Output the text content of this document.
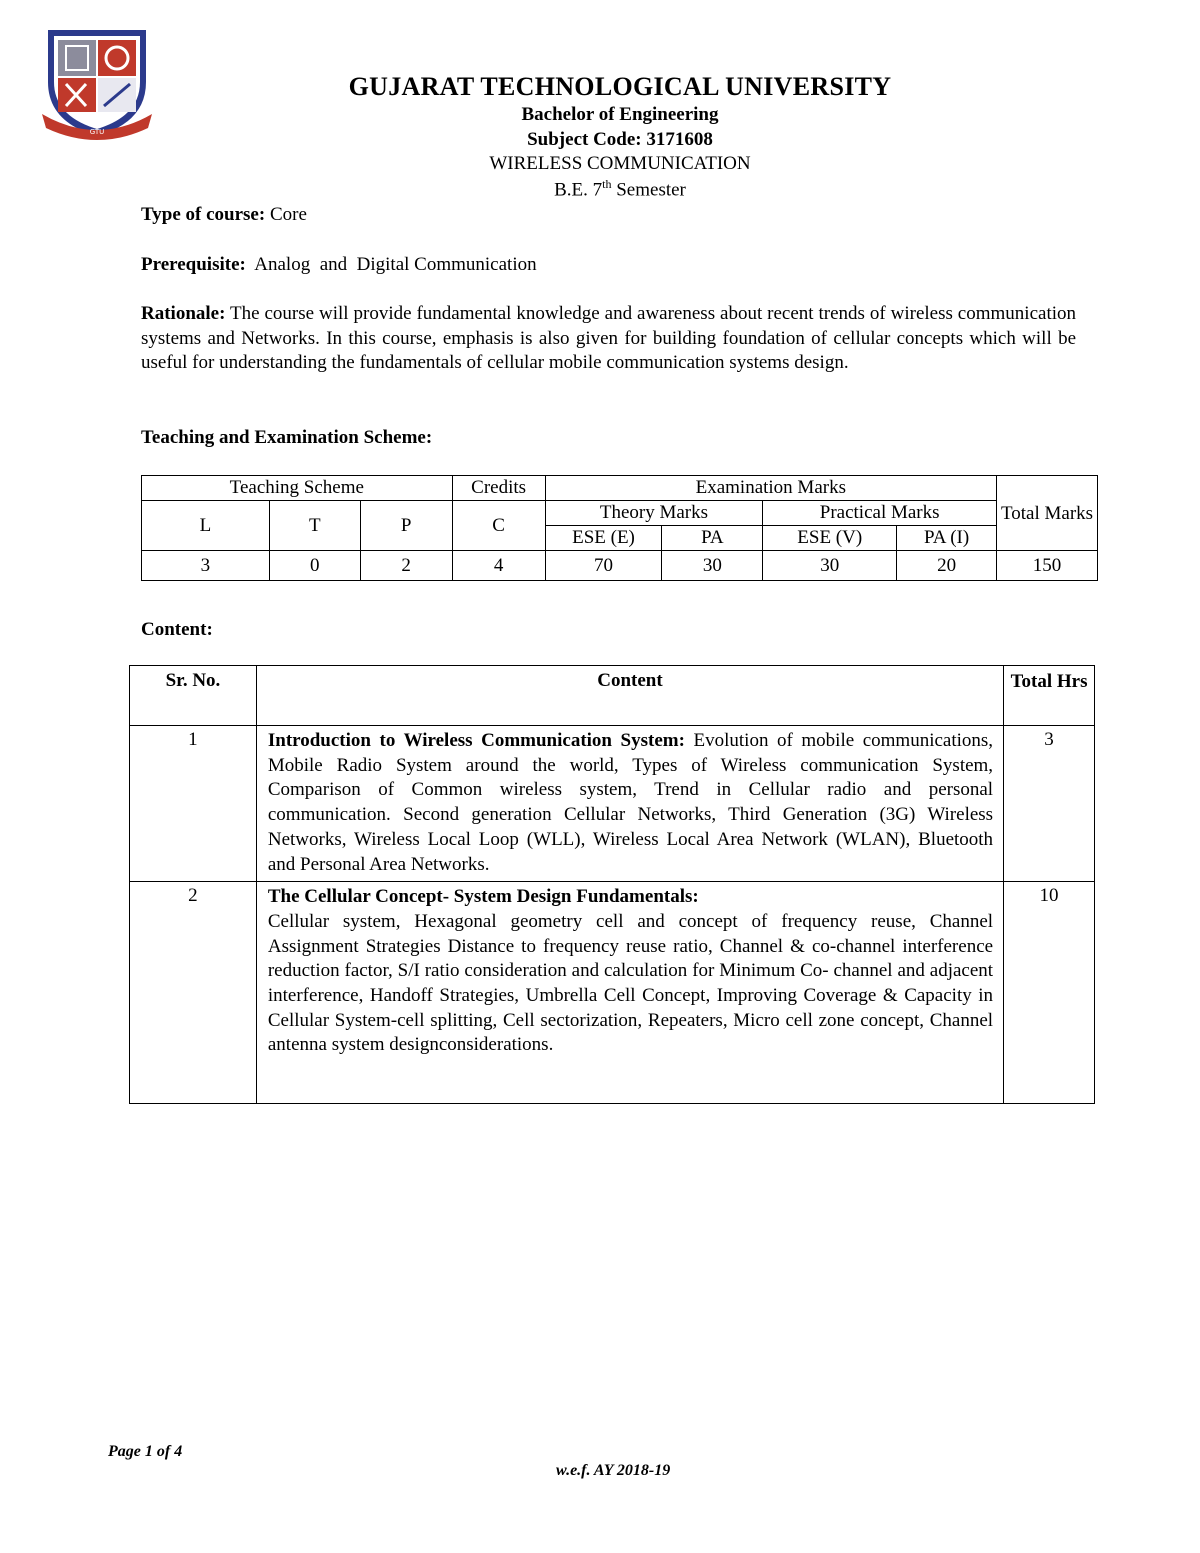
GTU
GUJARAT TECHNOLOGICAL UNIVERSITY
Bachelor of Engineering
Subject Code: 3171608
WIRELESS COMMUNICATION
B.E. 7th Semester
Type of course: Core
Prerequisite:  Analog  and  Digital Communication
Rationale: The course will provide fundamental knowledge and awareness about recent trends of wireless communication systems and Networks. In this course, emphasis is also given for building foundation of cellular concepts which will be useful for understanding the fundamentals of cellular mobile communication systems design.
Teaching and Examination Scheme:
Teaching Scheme			Credits	Examination Marks				Total Marks
L	T	P	C	Theory Marks		Practical Marks		
				ESE (E)	PA	ESE (V)	PA (I)	
3	0	2	4	70	30	30	20	150
Content:
Sr. No.	Content	Total Hrs
1	Introduction to Wireless Communication System: Evolution of mobile communications, Mobile Radio System around the world, Types of Wireless communication System, Comparison of Common wireless system, Trend in Cellular radio and personal communication. Second generation Cellular Networks, Third Generation (3G) Wireless Networks, Wireless Local Loop (WLL), Wireless Local Area Network (WLAN), Bluetooth and Personal Area Networks.	3
2	The Cellular Concept- System Design Fundamentals:
Cellular system, Hexagonal geometry cell and concept of frequency reuse, Channel Assignment Strategies Distance to frequency reuse ratio, Channel & co-channel interference reduction factor, S/I ratio consideration and calculation for Minimum Co- channel and adjacent interference, Handoff Strategies, Umbrella Cell Concept, Improving Coverage & Capacity in Cellular System-cell splitting, Cell sectorization, Repeaters, Micro cell zone concept, Channel antenna system designconsiderations.	10
Page 1 of 4
w.e.f. AY 2018-19
